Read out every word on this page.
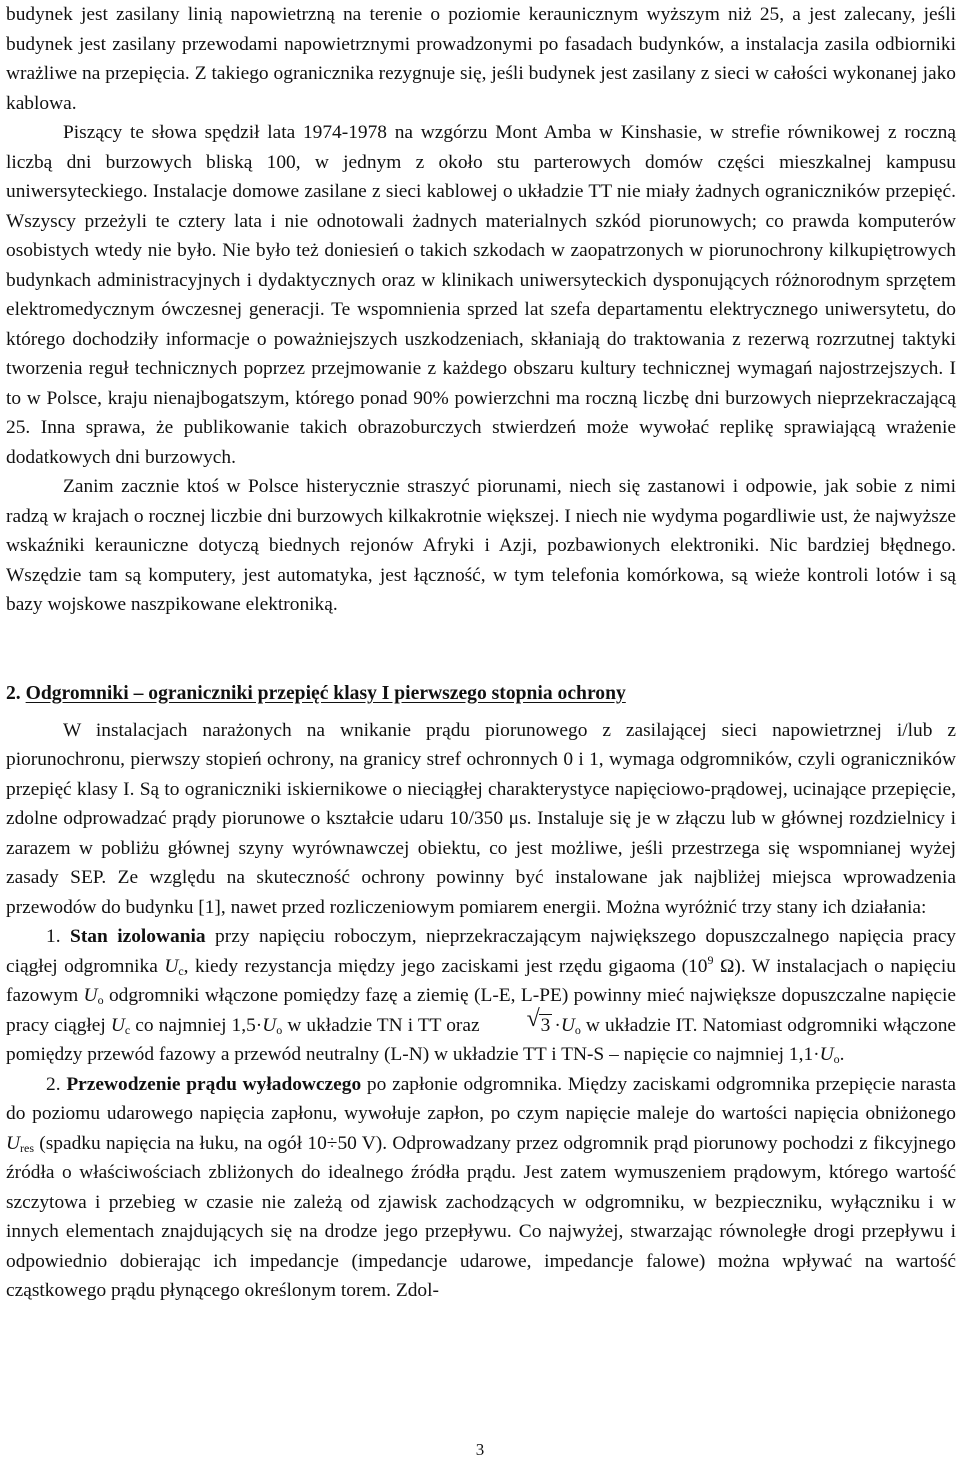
budynek jest zasilany linią napowietrzną na terenie o poziomie keraunicznym wyższym niż 25, a jest zalecany, jeśli budynek jest zasilany przewodami napowietrznymi prowadzonymi po fasadach budynków, a instalacja zasila odbiorniki wrażliwe na przepięcia. Z takiego ogranicznika rezygnuje się, jeśli budynek jest zasilany z sieci w całości wykonanej jako kablowa.

Piszący te słowa spędził lata 1974-1978 na wzgórzu Mont Amba w Kinshasie, w strefie równikowej z roczną liczbą dni burzowych bliską 100, w jednym z około stu parterowych domów części mieszkalnej kampusu uniwersyteckiego. Instalacje domowe zasilane z sieci kablowej o układzie TT nie miały żadnych ograniczników przepięć. Wszyscy przeżyli te cztery lata i nie odnotowali żadnych materialnych szkód piorunowych; co prawda komputerów osobistych wtedy nie było. Nie było też doniesień o takich szkodach w zaopatrzonych w piorunochrony kilkupiętrowych budynkach administracyjnych i dydaktycznych oraz w klinikach uniwersyteckich dysponujących różnorodnym sprzętem elektromedycznym ówczesnej generacji. Te wspomnienia sprzed lat szefa departamentu elektrycznego uniwersytetu, do którego dochodziły informacje o poważniejszych uszkodzeniach, skłaniają do traktowania z rezerwą rozrzutnej taktyki tworzenia reguł technicznych poprzez przejmowanie z każdego obszaru kultury technicznej wymagań najostrzejszych. I to w Polsce, kraju nienajbogatszym, którego ponad 90% powierzchni ma roczną liczbę dni burzowych nieprzekraczającą 25. Inna sprawa, że publikowanie takich obrazoburczych stwierdzeń może wywołać replikę sprawiającą wrażenie dodatkowych dni burzowych.

Zanim zacznie ktoś w Polsce histerycznie straszyć piorunami, niech się zastanowi i odpowie, jak sobie z nimi radzą w krajach o rocznej liczbie dni burzowych kilkakrotnie większej. I niech nie wydyma pogardliwie ust, że najwyższe wskaźniki kerauniczne dotyczą biednych rejonów Afryki i Azji, pozbawionych elektroniki. Nic bardziej błędnego. Wszędzie tam są komputery, jest automatyka, jest łączność, w tym telefonia komórkowa, są wieże kontroli lotów i są bazy wojskowe naszpikowane elektroniką.

2. Odgromniki – ograniczniki przepięć klasy I pierwszego stopnia ochrony

W instalacjach narażonych na wnikanie prądu piorunowego z zasilającej sieci napowietrznej i/lub z piorunochronu, pierwszy stopień ochrony, na granicy stref ochronnych 0 i 1, wymaga odgromników, czyli ograniczników przepięć klasy I. Są to ograniczniki iskiernikowe o nieciągłej charakterystyce napięciowo-prądowej, ucinające przepięcie, zdolne odprowadzać prądy piorunowe o kształcie udaru 10/350 μs. Instaluje się je w złączu lub w głównej rozdzielnicy i zarazem w pobliżu głównej szyny wyrównawczej obiektu, co jest możliwe, jeśli przestrzega się wspomnianej wyżej zasady SEP. Ze względu na skuteczność ochrony powinny być instalowane jak najbliżej miejsca wprowadzenia przewodów do budynku [1], nawet przed rozliczeniowym pomiarem energii. Można wyróżnić trzy stany ich działania:

1. Stan izolowania przy napięciu roboczym, nieprzekraczającym największego dopuszczalnego napięcia pracy ciągłej odgromnika $U_c$, kiedy rezystancja między jego zaciskami jest rzędu gigaoma ($10^9$ Ω). W instalacjach o napięciu fazowym $U_o$ odgromniki włączone pomiędzy fazę a ziemię (L-E, L-PE) powinny mieć największe dopuszczalne napięcie pracy ciągłej $U_c$ co najmniej $1,5\cdot U_o$ w układzie TN i TT oraz	√ $3 \cdot U_o$ w układzie IT. Natomiast odgromniki włączone pomiędzy przewód fazowy a przewód neutralny (L-N) w układzie TT i TN-S – napięcie co najmniej $1,1\cdot U_o$.

2. Przewodzenie prądu wyładowczego po zapłonie odgromnika. Między zaciskami odgromnika przepięcie narasta do poziomu udarowego napięcia zapłonu, wywołuje zapłon, po czym napięcie maleje do wartości napięcia obniżonego $U_{res}$ (spadku napięcia na łuku, na ogół 10÷50 V). Odprowadzany przez odgromnik prąd piorunowy pochodzi z fikcyjnego źródła o właściwościach zbliżonych do idealnego źródła prądu. Jest zatem wymuszeniem prądowym, którego wartość szczytowa i przebieg w czasie nie zależą od zjawisk zachodzących w odgromniku, w bezpieczniku, wyłączniku i w innych elementach znajdujących się na drodze jego przepływu. Co najwyżej, stwarzając równoległe drogi przepływu i odpowiednio dobierając ich impedancje (impedancje udarowe, impedancje falowe) można wpływać na wartość cząstkowego prądu płynącego określonym torem. Zdol-

3
